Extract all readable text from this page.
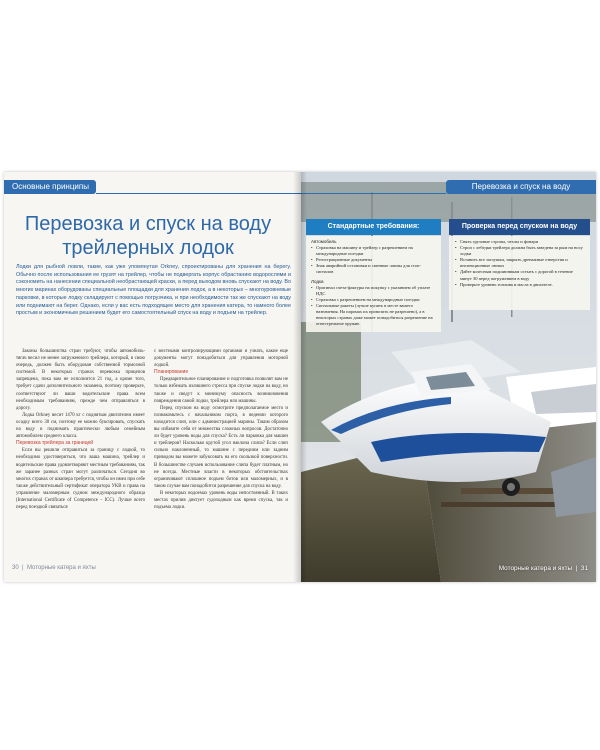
Основные принципы
Перевозка и спуск на воду трейлерных лодок
Лодки для рыбной ловли, такие, как уже упомянутая Orkney, спроектированы для хранения на берегу. Обычно после использования ее грузят на трейлер, чтобы не подвергать корпус обрастанию водорослями и сэкономить на нанесении специальной необрастающей краски, а перед выходом вновь спускают на воду. Во многих маринах оборудованы специальные площадки для хранения лодок, а в некоторых – многоуровневые парковки, в которые лодку складируют с помощью погрузчика, и при необходимости так же спускают на воду или поднимают на берег. Однако, если у вас есть подходящее место для хранения катера, то намного более простым и экономичным решением будет его самостоятельный спуск на воду и подъем на трейлер.

Законы большинства стран требуют, чтобы автомобиль-тягач весил не менее загруженного трейлера, который, в свою очередь, должен быть оборудован собственной тормозной системой. В некоторых странах перевозка прицепов запрещена, пока вам не исполнится 21 год, а кроме того, требует сдачи дополнительного экзамена, поэтому проверьте, соответствуют ли ваши водительские права всем необходимым требованиям, прежде чем отправляться в дорогу.

Лодка Orkney весит 1470 кг с поднятым двигателем имеет осадку всего 30 см, поэтому ее можно буксировать, спускать на воду и поднимать практически любым семейным автомобилем среднего класса.

Перевозка трейлера за границей

Если вы решили отправиться за границу с лодкой, то необходимо удостовериться, что ваша машина, трейлер и водительские права удовлетворяют местным требованиям, так же заранее разных стран могут различаться. Сегодня во многих странах от шкипера требуется, чтобы он имел при себе также действительный сертификат оператора УКВ и права на управление маломерным судном международного образца (International Certificate of Competence - ICC). Лучше всего перед поездкой связаться

с местными контролирующими органами и узнать, какие еще документы могут понадобиться для управления моторной лодкой.
Планирование

Предварительное планирование и подготовка позволят вам не только избежать излишнего стресса при спуске лодки на воду, но также и сведут к минимуму опасность возникновения повреждения самой лодки, трейлера или машины.

Перед спуском на воду осмотрите предполагаемое место и познакомьтесь с начальником порта, в ведении которого находится слип, или с администрацией марины. Таким образом вы избавите себя от множества сложных вопросов. Достаточно ли будет уровень воды для спуска? Есть ли парковка для машин и трейлеров? Насколько крутой угол наклона слипа? Если слип сильно наклоненный, то машине с передним или задним приводом вы можете забуксовать на его скользкой поверхности. В большинстве случаев использование слипа будет платным, но не всегда. Местные власти в некоторых обстоятельствах ограничивают сплошное подъем ботов или маломерных, и в таком случае вам понадобится разрешение для спуска на воду.

В некоторых водоемах уровень воды непостоянный. В таких местах прилив диктует судоходным как время спуска, так и подъема лодки.

30  |  Моторные катера и яхты
Перевозка и спуск на воду
Стандартные требования:
Автомобиль
• Страховка на машину и трейлер с разрешением на международные поездки
• Регистрационные документы
• Знак аварийной остановки и сменные лампы для стоп-сигналов
Лодка
• Оригинал счета-фактуры на покупку с указанием об уплате НДС
• Страховка с разрешением на международные поездки
• Сигнальные ракеты (лучше купить в месте вашего назначения. На паромах их провозить не разрешено), а в некоторых странах даже может понадобиться разрешение на огнестрельное оружие.
Проверка перед спуском на воду
• Снять грузовые стропы, чехлы и фонари
• Строп с лебедки трейлера должна быть заведена за рым на носу лодки
• Вставить все заглушки, закрыть дренажные отверстия и инспекционные лючки
• Дайте колесным подшипникам остыть с дорогой в течение минут 30 перед погружением в воду
• Проверьте уровень топлива и масла в двигателе.
Моторные катера и яхты  |  31
